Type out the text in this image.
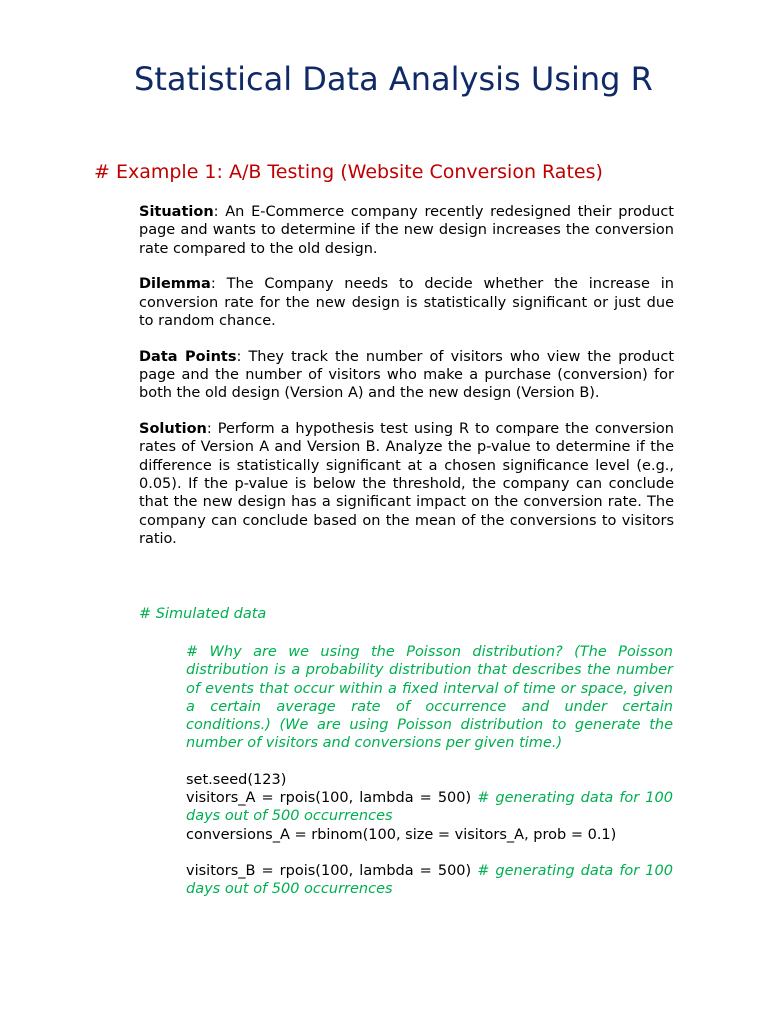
Statistical Data Analysis Using R
# Example 1: A/B Testing (Website Conversion Rates)

Situation: An E-Commerce company recently redesigned their product page and wants to determine if the new design increases the conversion rate compared to the old design.

Dilemma: The Company needs to decide whether the increase in conversion rate for the new design is statistically significant or just due to random chance.

Data Points: They track the number of visitors who view the product page and the number of visitors who make a purchase (conversion) for both the old design (Version A) and the new design (Version B).

Solution: Perform a hypothesis test using R to compare the conversion rates of Version A and Version B. Analyze the p-value to determine if the difference is statistically significant at a chosen significance level (e.g., 0.05). If the p-value is below the threshold, the company can conclude that the new design has a significant impact on the conversion rate. The company can conclude based on the mean of the conversions to visitors ratio.

# Simulated data

# Why are we using the Poisson distribution? (The Poisson distribution is a probability distribution that describes the number of events that occur within a fixed interval of time or space, given a certain average rate of occurrence and under certain conditions.) (We are using Poisson distribution to generate the number of visitors and conversions per given time.)

set.seed(123)

visitors_A = rpois(100, lambda = 500) # generating data for 100 days out of 500 occurrences

conversions_A = rbinom(100, size = visitors_A, prob = 0.1)

visitors_B = rpois(100, lambda = 500) # generating data for 100 days out of 500 occurrences
